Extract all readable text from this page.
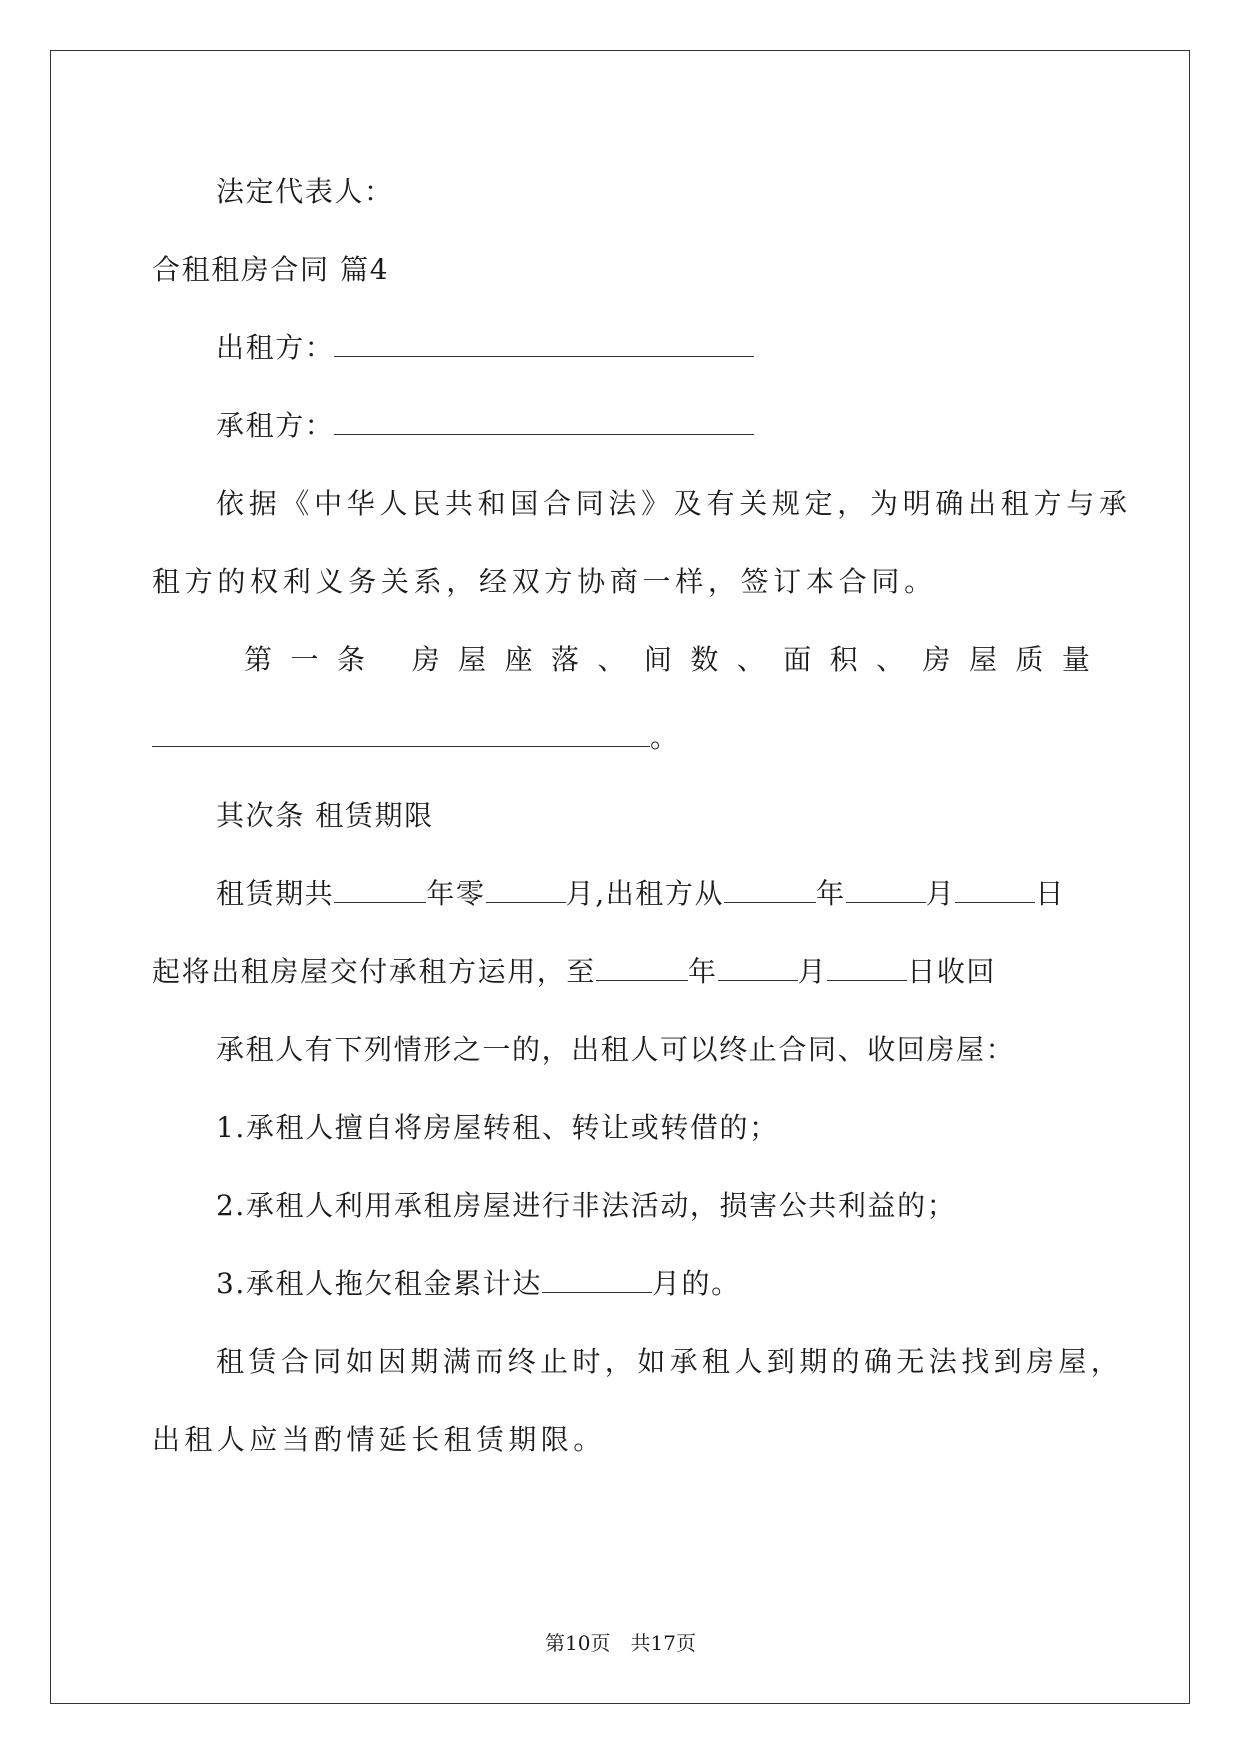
法定代表人：
合租租房合同 篇4
出租方：
承租方：
依据《中华人民共和国合同法》及有关规定，为明确出租方与承
租方的权利义务关系，经双方协商一样，签订本合同。
第 一 条 房 屋 座 落 、 间 数 、 面 积 、 房 屋 质 量
。
其次条 租赁期限
租赁期共	年零	月,出租方从	年	月	日
起将出租房屋交付承租方运用，至	年	月	日收回
承租人有下列情形之一的，出租人可以终止合同、收回房屋：
1.承租人擅自将房屋转租、转让或转借的；
2.承租人利用承租房屋进行非法活动，损害公共利益的；
3.承租人拖欠租金累计达	月的。
租赁合同如因期满而终止时，如承租人到期的确无法找到房屋，
出租人应当酌情延长租赁期限。
第10页　共17页
